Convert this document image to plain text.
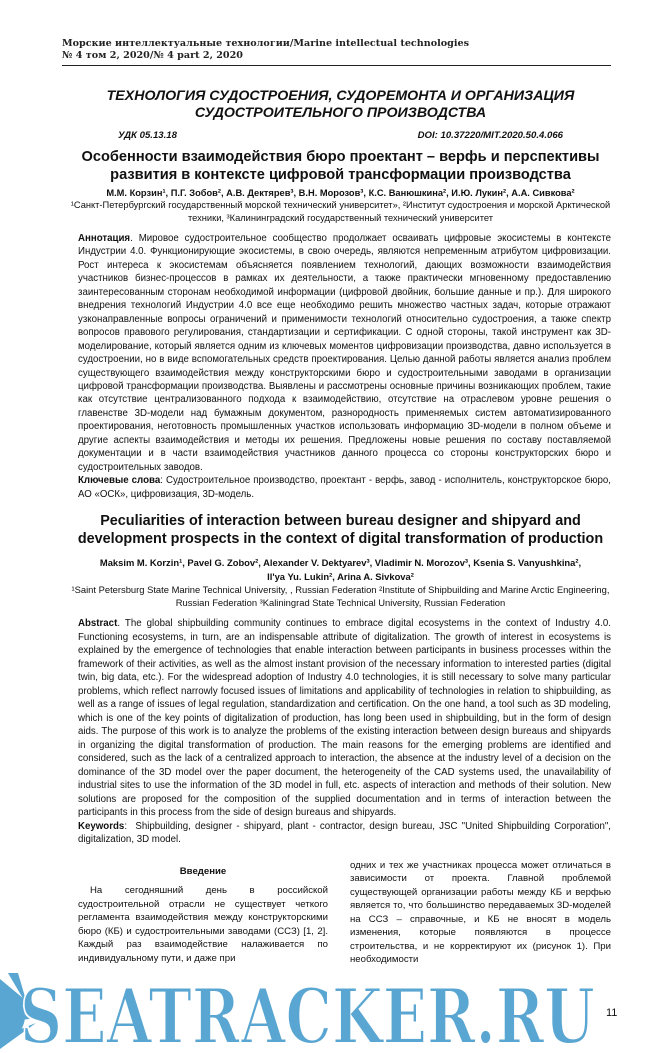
Морские интеллектуальные технологии/Marine intellectual technologies
№ 4 том 2, 2020/№ 4 part 2, 2020
ТЕХНОЛОГИЯ СУДОСТРОЕНИЯ, СУДОРЕМОНТА И ОРГАНИЗАЦИЯ СУДОСТРОИТЕЛЬНОГО ПРОИЗВОДСТВА
УДК 05.13.18	DOI: 10.37220/MIT.2020.50.4.066
Особенности взаимодействия бюро проектант – верфь и перспективы развития в контексте цифровой трансформации производства
М.М. Корзин¹, П.Г. Зобов², А.В. Дектярев³, В.Н. Морозов³, К.С. Ванюшкина², И.Ю. Лукин², А.А. Сивкова²
¹Санкт-Петербургский государственный морской технический университет», ²Институт судостроения и морской Арктической техники, ³Калининградский государственный технический университет
Аннотация. Мировое судостроительное сообщество продолжает осваивать цифровые экосистемы в контексте Индустрии 4.0. Функционирующие экосистемы, в свою очередь, являются непременным атрибутом цифровизации. Рост интереса к экосистемам объясняется появлением технологий, дающих возможности взаимодействия участников бизнес-процессов в рамках их деятельности, а также практически мгновенному предоставлению заинтересованным сторонам необходимой информации (цифровой двойник, большие данные и пр.). Для широкого внедрения технологий Индустрии 4.0 все еще необходимо решить множество частных задач, которые отражают узконаправленные вопросы ограничений и применимости технологий относительно судостроения, а также спектр вопросов правового регулирования, стандартизации и сертификации. С одной стороны, такой инструмент как 3D-моделирование, который является одним из ключевых моментов цифровизации производства, давно используется в судостроении, но в виде вспомогательных средств проектирования. Целью данной работы является анализ проблем существующего взаимодействия между конструкторскими бюро и судостроительными заводами в организации цифровой трансформации производства. Выявлены и рассмотрены основные причины возникающих проблем, такие как отсутствие централизованного подхода к взаимодействию, отсутствие на отраслевом уровне решения о главенстве 3D-модели над бумажным документом, разнородность применяемых систем автоматизированного проектирования, неготовность промышленных участков использовать информацию 3D-модели в полном объеме и другие аспекты взаимодействия и методы их решения. Предложены новые решения по составу поставляемой документации и в части взаимодействия участников данного процесса со стороны конструкторских бюро и судостроительных заводов.
Ключевые слова: Судостроительное производство, проектант - верфь, завод - исполнитель, конструкторское бюро, АО «ОСК», цифровизация, 3D-модель.
Peculiarities of interaction between bureau designer and shipyard and development prospects in the context of digital transformation of production
Maksim M. Korzin¹, Pavel G. Zobov², Alexander V. Dektyarev³, Vladimir N. Morozov³, Ksenia S. Vanyushkina², Il'ya Yu. Lukin², Arina A. Sivkova²
¹Saint Petersburg State Marine Technical University, , Russian Federation ²Institute of Shipbuilding and Marine Arctic Engineering, Russian Federation ³Kaliningrad State Technical University, Russian Federation
Abstract. The global shipbuilding community continues to embrace digital ecosystems in the context of Industry 4.0. Functioning ecosystems, in turn, are an indispensable attribute of digitalization. The growth of interest in ecosystems is explained by the emergence of technologies that enable interaction between participants in business processes within the framework of their activities, as well as the almost instant provision of the necessary information to interested parties (digital twin, big data, etc.). For the widespread adoption of Industry 4.0 technologies, it is still necessary to solve many particular problems, which reflect narrowly focused issues of limitations and applicability of technologies in relation to shipbuilding, as well as a range of issues of legal regulation, standardization and certification. On the one hand, a tool such as 3D modeling, which is one of the key points of digitalization of production, has long been used in shipbuilding, but in the form of design aids. The purpose of this work is to analyze the problems of the existing interaction between design bureaus and shipyards in organizing the digital transformation of production. The main reasons for the emerging problems are identified and considered, such as the lack of a centralized approach to interaction, the absence at the industry level of a decision on the dominance of the 3D model over the paper document, the heterogeneity of the CAD systems used, the unavailability of industrial sites to use the information of the 3D model in full, etc. aspects of interaction and methods of their solution. New solutions are proposed for the composition of the supplied documentation and in terms of interaction between the participants in this process from the side of design bureaus and shipyards.
Keywords:  Shipbuilding, designer - shipyard, plant - contractor, design bureau, JSC "United Shipbuilding Corporation", digitalization, 3D model.
Введение
На сегодняшний день в российской судостроительной отрасли не существует четкого регламента взаимодействия между конструкторскими бюро (КБ) и судостроительными заводами (ССЗ) [1, 2]. Каждый раз взаимодействие налаживается по индивидуальному пути, и даже при
одних и тех же участниках процесса может отличаться в зависимости от проекта. Главной проблемой существующей организации работы между КБ и верфью является то, что большинство передаваемых 3D-моделей на ССЗ – справочные, и КБ не вносят в модель изменения, которые появляются в процессе строительства, и не корректируют их (рисунок 1). При необходимости
SEATRACKER.RU 11
